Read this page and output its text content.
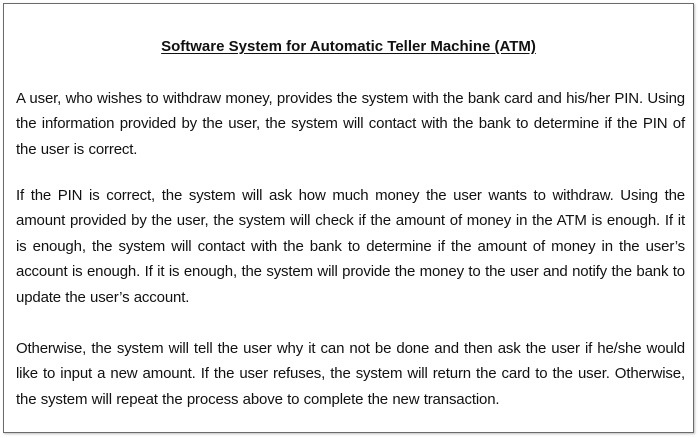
Software System for Automatic Teller Machine (ATM)

A user, who wishes to withdraw money, provides the system with the bank card and his/her PIN. Using the information provided by the user, the system will contact with the bank to determine if the PIN of the user is correct.

If the PIN is correct, the system will ask how much money the user wants to withdraw. Using the amount provided by the user, the system will check if the amount of money in the ATM is enough. If it is enough, the system will contact with the bank to determine if the amount of money in the user’s account is enough. If it is enough, the system will provide the money to the user and notify the bank to update the user’s account.

Otherwise, the system will tell the user why it can not be done and then ask the user if he/she would like to input a new amount. If the user refuses, the system will return the card to the user. Otherwise, the system will repeat the process above to complete the new transaction.
